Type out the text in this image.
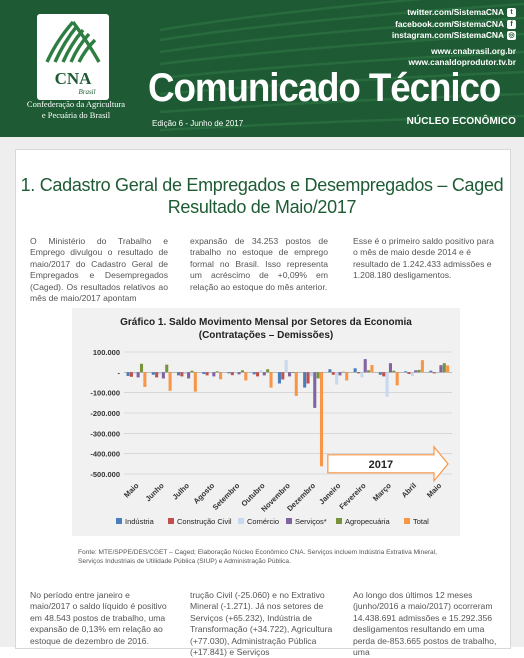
CNA
Brasil
Confederação da Agricultura
e Pecuária do Brasil
twitter.com/SistemaCNA t
facebook.com/SistemaCNA f
instagram.com/SistemaCNA ◎
www.cnabrasil.org.br
www.canaldoprodutor.tv.br
Comunicado Técnico
Edição 6 - Junho de 2017	NÚCLEO ECONÔMICO
1. Cadastro Geral de Empregados e Desempregados – Caged
Resultado de Maio/2017
O Ministério do Trabalho e Emprego divulgou o resultado de maio/2017 do Cadastro Geral de Empregados e Desempregados (Caged). Os resultados relativos ao mês de maio/2017 apontam
expansão de 34.253 postos de trabalho no estoque de emprego formal no Brasil. Isso representa um acréscimo de +0,09% em relação ao estoque do mês anterior.
Esse é o primeiro saldo positivo para o mês de maio desde 2014 e é resultado de 1.242.433 admissões e 1.208.180 desligamentos.
Gráfico 1. Saldo Movimento Mensal por Setores da Economia
(Contratações – Demissões)
100.000
-
-100.000
-200.000
-300.000
-400.000
-500.000
2017
Maio Junho Julho Agosto
Setembro
Outubro
Novembro
Dezembro Janeiro
Fevereiro Março Abril Maio
Indústria	Construção Civil Comércio Serviços* Agropecuária	Total
Fonte: MTE/SPPE/DES/CGET – Caged; Elaboração Núcleo Econômico CNA. Serviços incluem Indústria Extrativa Mineral, Serviços Industriais de Utilidade Pública (SIUP) e Administração Pública.
No período entre janeiro e maio/2017 o saldo líquido é positivo em 48.543 postos de trabalho, uma expansão de 0,13% em relação ao estoque de dezembro de 2016.
trução Civil (-25.060) e no Extrativo Mineral (-1.271). Já nos setores de Serviços (+65.232), Indústria de Transformação (+34.722), Agricultura (+77.030), Administração Pública (+17.841) e Serviços
Ao longo dos últimos 12 meses (junho/2016 a maio/2017) ocorreram 14.438.691 admissões e 15.292.356 desligamentos resultando em uma perda de-853.665 postos de trabalho, uma
